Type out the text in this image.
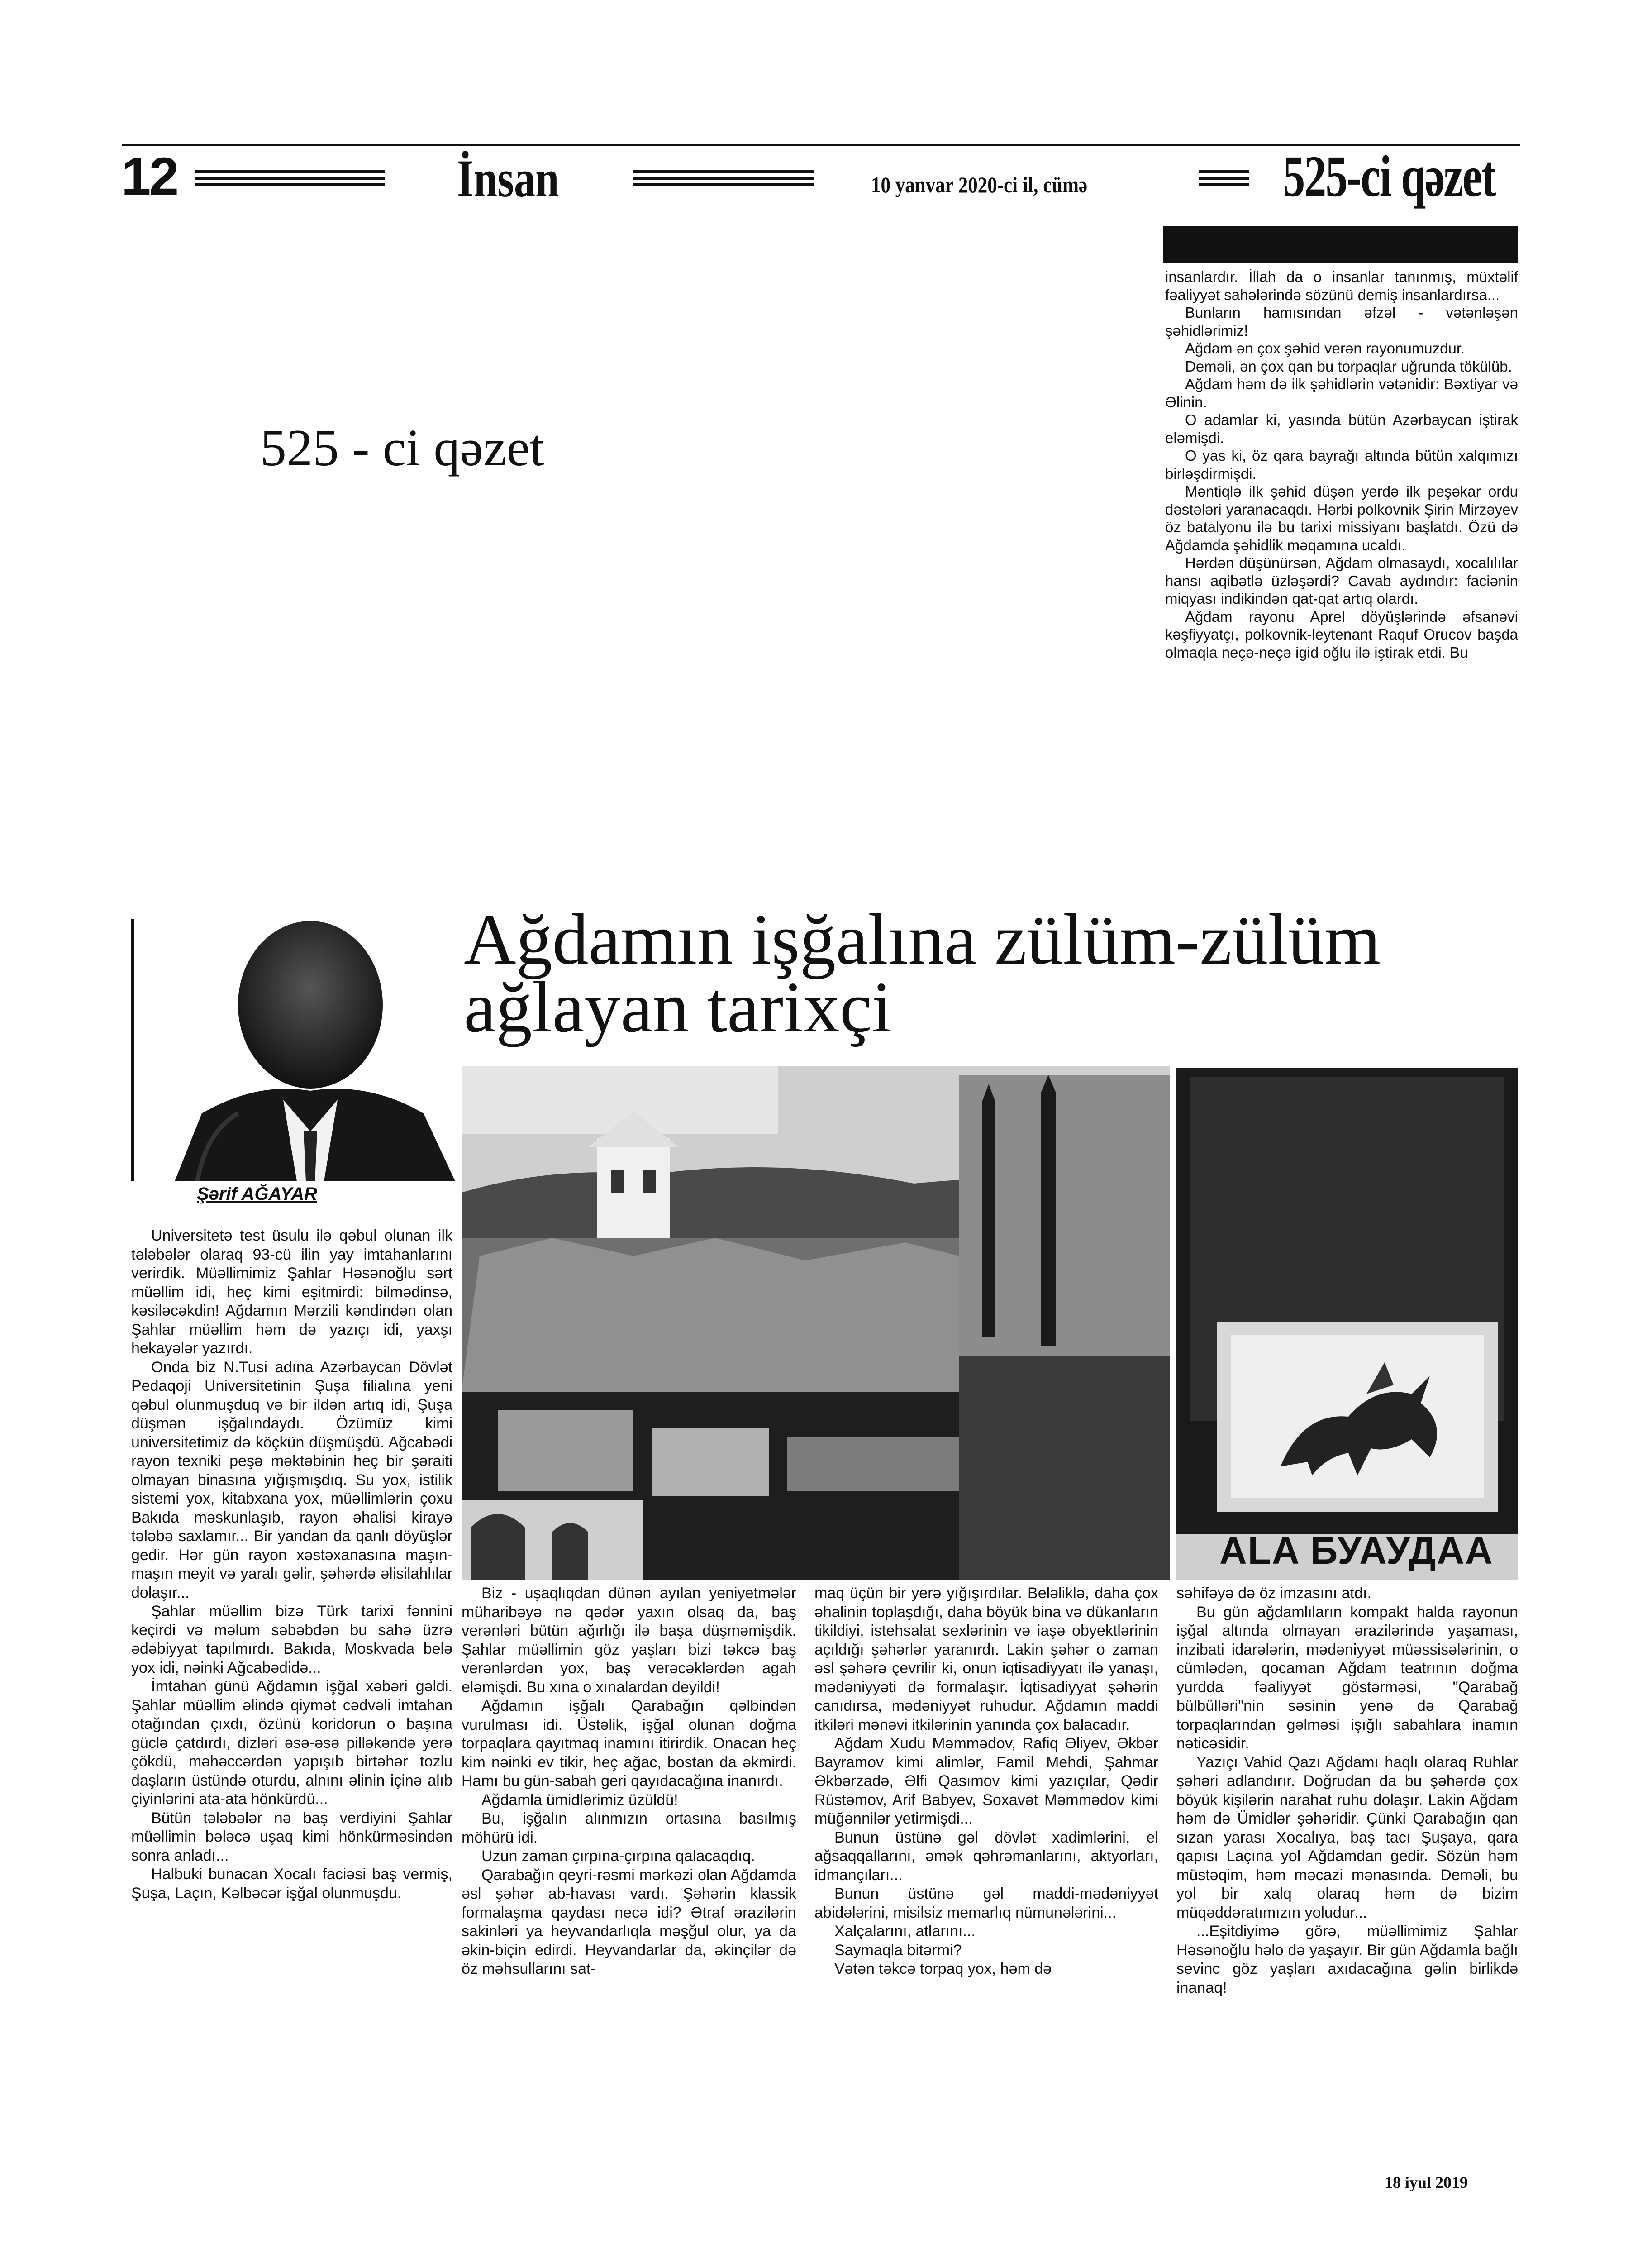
12	İnsan	10 yanvar 2020-ci il, cümə	525-ci qəzet
525 - ci qəzet

insanlardır. İllah da o insanlar tanınmış, müxtəlif fəaliyyət sahələrində sözünü demiş insanlardırsa...

Bunların hamısından əfzəl - vətənləşən şəhidlərimiz!

Ağdam ən çox şəhid verən rayonumuzdur.

Deməli, ən çox qan bu torpaqlar uğrunda tökülüb.

Ağdam həm də ilk şəhidlərin vətənidir: Bəxtiyar və Əlinin.

O adamlar ki, yasında bütün Azərbaycan iştirak eləmişdi.

O yas ki, öz qara bayrağı altında bütün xalqımızı birləşdirmişdi.

Məntiqlə ilk şəhid düşən yerdə ilk peşəkar ordu dəstələri yaranacaqdı. Hərbi polkovnik Şirin Mirzəyev öz batalyonu ilə bu tarixi missiyanı başlatdı. Özü də Ağdamda şəhidlik məqamına ucaldı.

Hərdən düşünürsən, Ağdam olmasaydı, xocalılılar hansı aqibətlə üzləşərdi? Cavab aydındır: faciənin miqyası indikindən qat-qat artıq olardı.

Ağdam rayonu Aprel döyüşlərində əfsanəvi kəşfiyyatçı, polkovnik-leytenant Raquf Orucov başda olmaqla neçə-neçə igid oğlu ilə iştirak etdi. Bu

Şərif AĞAYAR
Ağdamın işğalına zülüm-zülüm
ağlayan tarixçi
ALA БУАУДАА

Universitetə test üsulu ilə qəbul olunan ilk tələbələr olaraq 93-cü ilin yay imtahanlarını verirdik. Müəllimimiz Şahlar Həsənoğlu sərt müəllim idi, heç kimi eşitmirdi: bilmədinsə, kəsiləcəkdin! Ağdamın Mərzili kəndindən olan Şahlar müəllim həm də yazıçı idi, yaxşı hekayələr yazırdı.

Onda biz N.Tusi adına Azərbaycan Dövlət Pedaqoji Universitetinin Şuşa filialına yeni qəbul olunmuşduq və bir ildən artıq idi, Şuşa düşmən işğalındaydı. Özümüz kimi universitetimiz də köçkün düşmüşdü. Ağcabədi rayon texniki peşə məktəbinin heç bir şəraiti olmayan binasına yığışmışdıq. Su yox, istilik sistemi yox, kitabxana yox, müəllimlərin çoxu Bakıda məskunlaşıb, rayon əhalisi kirayə tələbə saxlamır... Bir yandan da qanlı döyüşlər gedir. Hər gün rayon xəstəxanasına maşın-maşın meyit və yaralı gəlir, şəhərdə əlisilahlılar dolaşır...

Şahlar müəllim bizə Türk tarixi fənnini keçirdi və məlum səbəbdən bu sahə üzrə ədəbiyyat tapılmırdı. Bakıda, Moskvada belə yox idi, nəinki Ağcabədidə...

İmtahan günü Ağdamın işğal xəbəri gəldi. Şahlar müəllim əlində qiymət cədvəli imtahan otağından çıxdı, özünü koridorun o başına güclə çatdırdı, dizləri əsə-əsə pilləkəndə yerə çökdü, məhəccərdən yapışıb birtəhər tozlu daşların üstündə oturdu, alnını əlinin içinə alıb çiyinlərini ata-ata hönkürdü...

Bütün tələbələr nə baş verdiyini Şahlar müəllimin bələcə uşaq kimi hönkürməsindən sonra anladı...

Halbuki bunacan Xocalı faciəsi baş vermiş, Şuşa, Laçın, Kəlbəcər işğal olunmuşdu.

Biz - uşaqlıqdan dünən ayılan yeniyetmələr müharibəyə nə qədər yaxın olsaq da, baş verənləri bütün ağırlığı ilə başa düşməmişdik. Şahlar müəllimin göz yaşları bizi təkcə baş verənlərdən yox, baş verəcəklərdən agah eləmişdi. Bu xına o xınalardan deyildi!

Ağdamın işğalı Qarabağın qəlbindən vurulması idi. Üstəlik, işğal olunan doğma torpaqlara qayıtmaq inamını itirirdik. Onacan heç kim nəinki ev tikir, heç ağac, bostan da əkmirdi. Hamı bu gün-sabah geri qayıdacağına inanırdı.

Ağdamla ümidlərimiz üzüldü!

Bu, işğalın alınmızın ortasına basılmış möhürü idi.

Uzun zaman çırpına-çırpına qalacaqdıq.

Qarabağın qeyri-rəsmi mərkəzi olan Ağdamda əsl şəhər ab-havası vardı. Şəhərin klassik formalaşma qaydası necə idi? Ətraf ərazilərin sakinləri ya heyvandarlıqla məşğul olur, ya da əkin-biçin edirdi. Heyvandarlar da, əkinçilər də öz məhsullarını sat-

maq üçün bir yerə yığışırdılar. Beləliklə, daha çox əhalinin toplaşdığı, daha böyük bina və dükanların tikildiyi, istehsalat sexlərinin və iaşə obyektlərinin açıldığı şəhərlər yaranırdı. Lakin şəhər o zaman əsl şəhərə çevrilir ki, onun iqtisadiyyatı ilə yanaşı, mədəniyyəti də formalaşır. İqtisadiyyat şəhərin canıdırsa, mədəniyyət ruhudur. Ağdamın maddi itkiləri mənəvi itkilərinin yanında çox balacadır.

Ağdam Xudu Məmmədov, Rafiq Əliyev, Əkbər Bayramov kimi alimlər, Famil Mehdi, Şahmar Əkbərzadə, Əlfi Qasımov kimi yazıçılar, Qədir Rüstəmov, Arif Babyev, Soxavət Məmmədov kimi müğənnilər yetirmişdi...

Bunun üstünə gəl dövlət xadimlərini, el ağsaqqallarını, əmək qəhrəmanlarını, aktyorları, idmançıları...

Bunun üstünə gəl maddi-mədəniyyət abidələrini, misilsiz memarlıq nümunələrini...

Xalçalarını, atlarını...

Saymaqla bitərmi?

Vətən təkcə torpaq yox, həm də

səhifəyə də öz imzasını atdı.

Bu gün ağdamlıların kompakt halda rayonun işğal altında olmayan ərazilərində yaşaması, inzibati idarələrin, mədəniyyət müəssisələrinin, o cümlədən, qocaman Ağdam teatrının doğma yurdda fəaliyyət göstərməsi, "Qarabağ bülbülləri"nin səsinin yenə də Qarabağ torpaqlarından gəlməsi işığlı sabahlara inamın nəticəsidir.

Yazıçı Vahid Qazı Ağdamı haqlı olaraq Ruhlar şəhəri adlandırır. Doğrudan da bu şəhərdə çox böyük kişilərin narahat ruhu dolaşır. Lakin Ağdam həm də Ümidlər şəhəridir. Çünki Qarabağın qan sızan yarası Xocalıya, baş tacı Şuşaya, qara qapısı Laçına yol Ağdamdan gedir. Sözün həm müstəqim, həm məcazi mənasında. Deməli, bu yol bir xalq olaraq həm də bizim müqəddəratımızın yoludur...

...Eşitdiyimə görə, müəllimimiz Şahlar Həsənoğlu həlo də yaşayır. Bir gün Ağdamla bağlı sevinc göz yaşları axıdacağına gəlin birlikdə inanaq!

18 iyul 2019
